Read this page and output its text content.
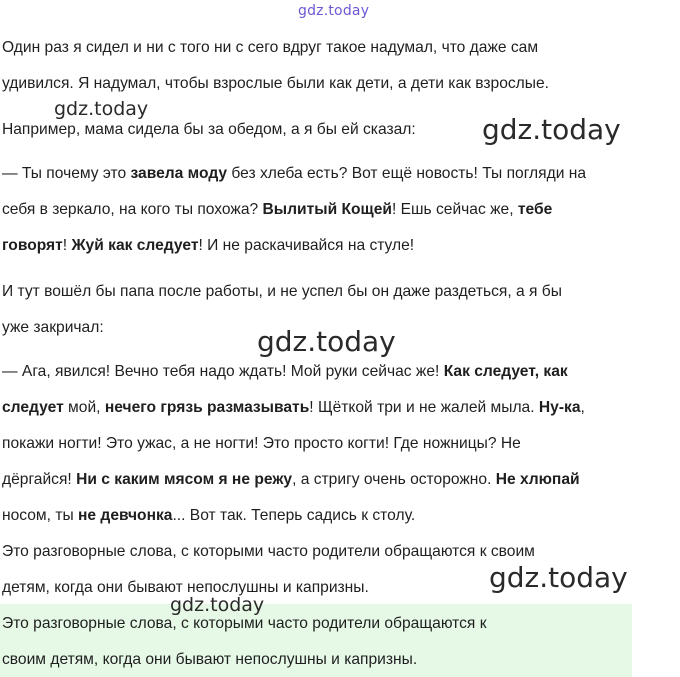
gdz.today
Один раз я сидел и ни с того ни с сего вдруг такое надумал, что даже сам
удивился. Я надумал, чтобы взрослые были как дети, а дети как взрослые.
Например, мама сидела бы за обедом, а я бы ей сказал:
— Ты почему это завела моду без хлеба есть? Вот ещё новость! Ты погляди на
себя в зеркало, на кого ты похожа? Вылитый Кощей! Ешь сейчас же, тебе
говорят! Жуй как следует! И не раскачивайся на стуле!
И тут вошёл бы папа после работы, и не успел бы он даже раздеться, а я бы
уже закричал:
— Ага, явился! Вечно тебя надо ждать! Мой руки сейчас же! Как следует, как
следует мой, нечего грязь размазывать! Щёткой три и не жалей мыла. Ну-ка,
покажи ногти! Это ужас, а не ногти! Это просто когти! Где ножницы? Не
дёргайся! Ни с каким мясом я не режу, а стригу очень осторожно. Не хлюпай
носом, ты не девчонка... Вот так. Теперь садись к столу.
Это разговорные слова, с которыми часто родители обращаются к своим
детям, когда они бывают непослушны и капризны.
Это разговорные слова, с которыми часто родители обращаются к
своим детям, когда они бывают непослушны и капризны.
gdz.today
gdz.today
gdz.today
gdz.today
gdz.today
